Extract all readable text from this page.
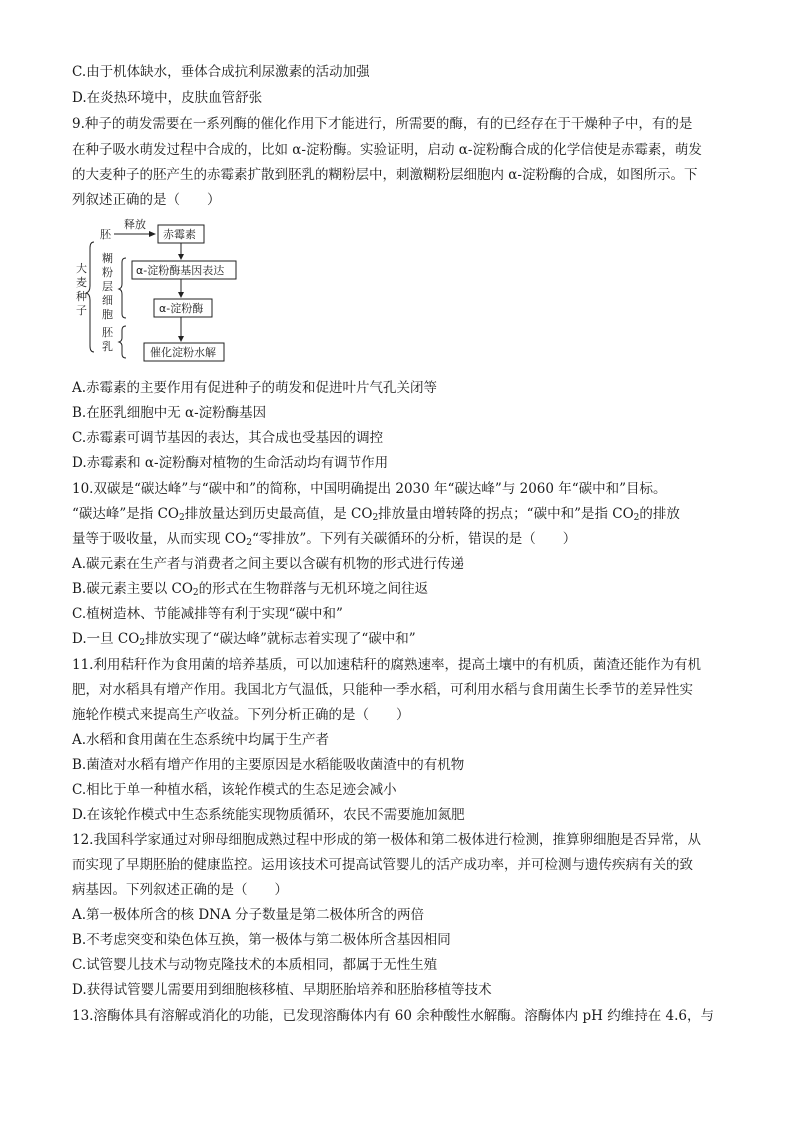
C.由于机体缺水，垂体合成抗利尿激素的活动加强
D.在炎热环境中，皮肤血管舒张
9.种子的萌发需要在一系列酶的催化作用下才能进行，所需要的酶，有的已经存在于干燥种子中，有的是
在种子吸水萌发过程中合成的，比如 α-淀粉酶。实验证明，启动 α-淀粉酶合成的化学信使是赤霉素，萌发
的大麦种子的胚产生的赤霉素扩散到胚乳的糊粉层中，刺激糊粉层细胞内 α-淀粉酶的合成，如图所示。下
列叙述正确的是（　　）
大
麦
种
子
胚
释放
糊
粉
层
细
胞
胚
乳
赤霉素
α-淀粉酶基因表达
α-淀粉酶
催化淀粉水解
A.赤霉素的主要作用有促进种子的萌发和促进叶片气孔关闭等
B.在胚乳细胞中无 α-淀粉酶基因
C.赤霉素可调节基因的表达，其合成也受基因的调控
D.赤霉素和 α-淀粉酶对植物的生命活动均有调节作用
10.双碳是“碳达峰”与“碳中和”的简称，中国明确提出 2030 年“碳达峰”与 2060 年“碳中和”目标。
“碳达峰”是指 $CO_2$排放量达到历史最高值，是 $CO_2$排放量由增转降的拐点；“碳中和”是指 $CO_2$的排放
量等于吸收量，从而实现 $CO_2“$零排放”。下列有关碳循环的分析，错误的是（　　）
A.碳元素在生产者与消费者之间主要以含碳有机物的形式进行传递
B.碳元素主要以 $CO_2$的形式在生物群落与无机环境之间往返
C.植树造林、节能减排等有利于实现“碳中和”
D.一旦 $CO_2$排放实现了“碳达峰”就标志着实现了“碳中和”
11.利用秸秆作为食用菌的培养基质，可以加速秸秆的腐熟速率，提高土壤中的有机质，菌渣还能作为有机
肥，对水稻具有增产作用。我国北方气温低，只能种一季水稻，可利用水稻与食用菌生长季节的差异性实
施轮作模式来提高生产收益。下列分析正确的是（　　）
A.水稻和食用菌在生态系统中均属于生产者
B.菌渣对水稻有增产作用的主要原因是水稻能吸收菌渣中的有机物
C.相比于单一种植水稻，该轮作模式的生态足迹会减小
D.在该轮作模式中生态系统能实现物质循环，农民不需要施加氮肥
12.我国科学家通过对卵母细胞成熟过程中形成的第一极体和第二极体进行检测，推算卵细胞是否异常，从
而实现了早期胚胎的健康监控。运用该技术可提高试管婴儿的活产成功率，并可检测与遗传疾病有关的致
病基因。下列叙述正确的是（　　）
A.第一极体所含的核 DNA 分子数量是第二极体所含的两倍
B.不考虑突变和染色体互换，第一极体与第二极体所含基因相同
C.试管婴儿技术与动物克隆技术的本质相同，都属于无性生殖
D.获得试管婴儿需要用到细胞核移植、早期胚胎培养和胚胎移植等技术
13.溶酶体具有溶解或消化的功能，已发现溶酶体内有 60 余种酸性水解酶。溶酶体内 pH 约维持在 4.6，与
